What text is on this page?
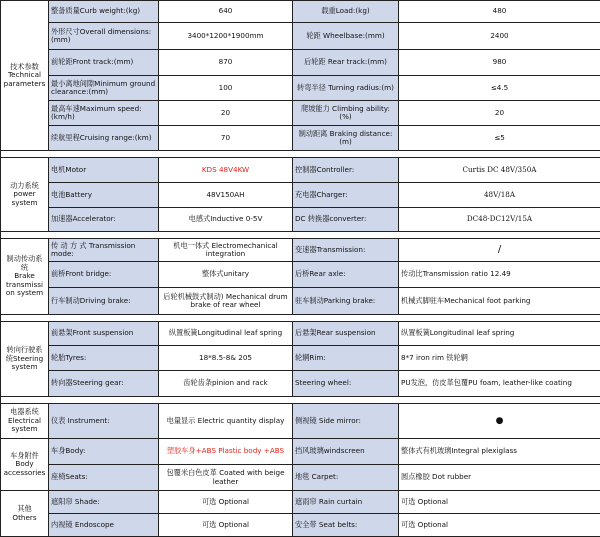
技术参数
Technical
parameters	整备质量Curb weight:(kg)	640	载重Load:(kg)	480
	外形尺寸Overall dimensions:(mm)	3400*1200*1900mm	轮距 Wheelbase:(mm)	2400
	前轮距Front track:(mm)	870	后轮距 Rear track:(mm)	980
	最小离地间隙Minimum ground clearance:(mm)	100	转弯半径 Turning radius:(m)	≤4.5
	最高车速Maximum speed:(km/h)	20	爬坡能力 Climbing ability:(%)	20
	续航里程Cruising range:(km)	70	制动距离 Braking distance:(m)	≤5

动力系统
power
system	电机Motor	KDS 48V4KW	控制器Controller:	Curtis DC 48V/350A
	电池Battery	48V150AH	充电器Charger:	48V/18A
	加速器Accelerator:	电感式Inductive 0-5V	DC 转换器converter:	DC48-DC12V/15A

制动传动系统
Brake
transmissi
on system	传 动 方 式 Transmission mode:	机电一体式 Electromechanical integration	变速器Transmission:	/
	前桥Front bridge:	整体式unitary	后桥Rear axle:	传动比Transmission ratio 12.49
	行车制动Driving brake:	后轮机械鼓式制动) Mechanical drum brake of rear wheel	驻车制动Parking brake:	机械式脚驻车Mechanical foot parking

转向行驶系统Steering
system	前悬架Front suspension	纵置板簧Longitudinal leaf spring	后悬架Rear suspension	纵置板簧Longitudinal leaf spring
	轮胎Tyres:	18*8.5-8& 205	轮辋Rim:	8*7 iron rim 铁轮辋
	转向器Steering gear:	齿轮齿条pinion and rack	Steering wheel:	PU发泡，仿皮革包覆PU foam, leather-like coating

电器系统
Electrical
system	仪表 Instrument:	电量显示 Electric quantity display	侧视镜 Side mirror:	●
车身附件
Body
accessories	车身Body:	塑胶车身+ABS Plastic body +ABS	挡风玻璃windscreen	整体式有机玻璃Integral plexiglass
	座椅Seats:	包覆米白色皮革 Coated with beige leather	地毯 Carpet:	圆点橡胶 Dot rubber
其他
Others	遮阳帘 Shade:	可选 Optional	遮雨帘 Rain curtain	可选 Optional
	内视镜 Endoscope	可选 Optional	安全带 Seat belts:	可选 Optional
